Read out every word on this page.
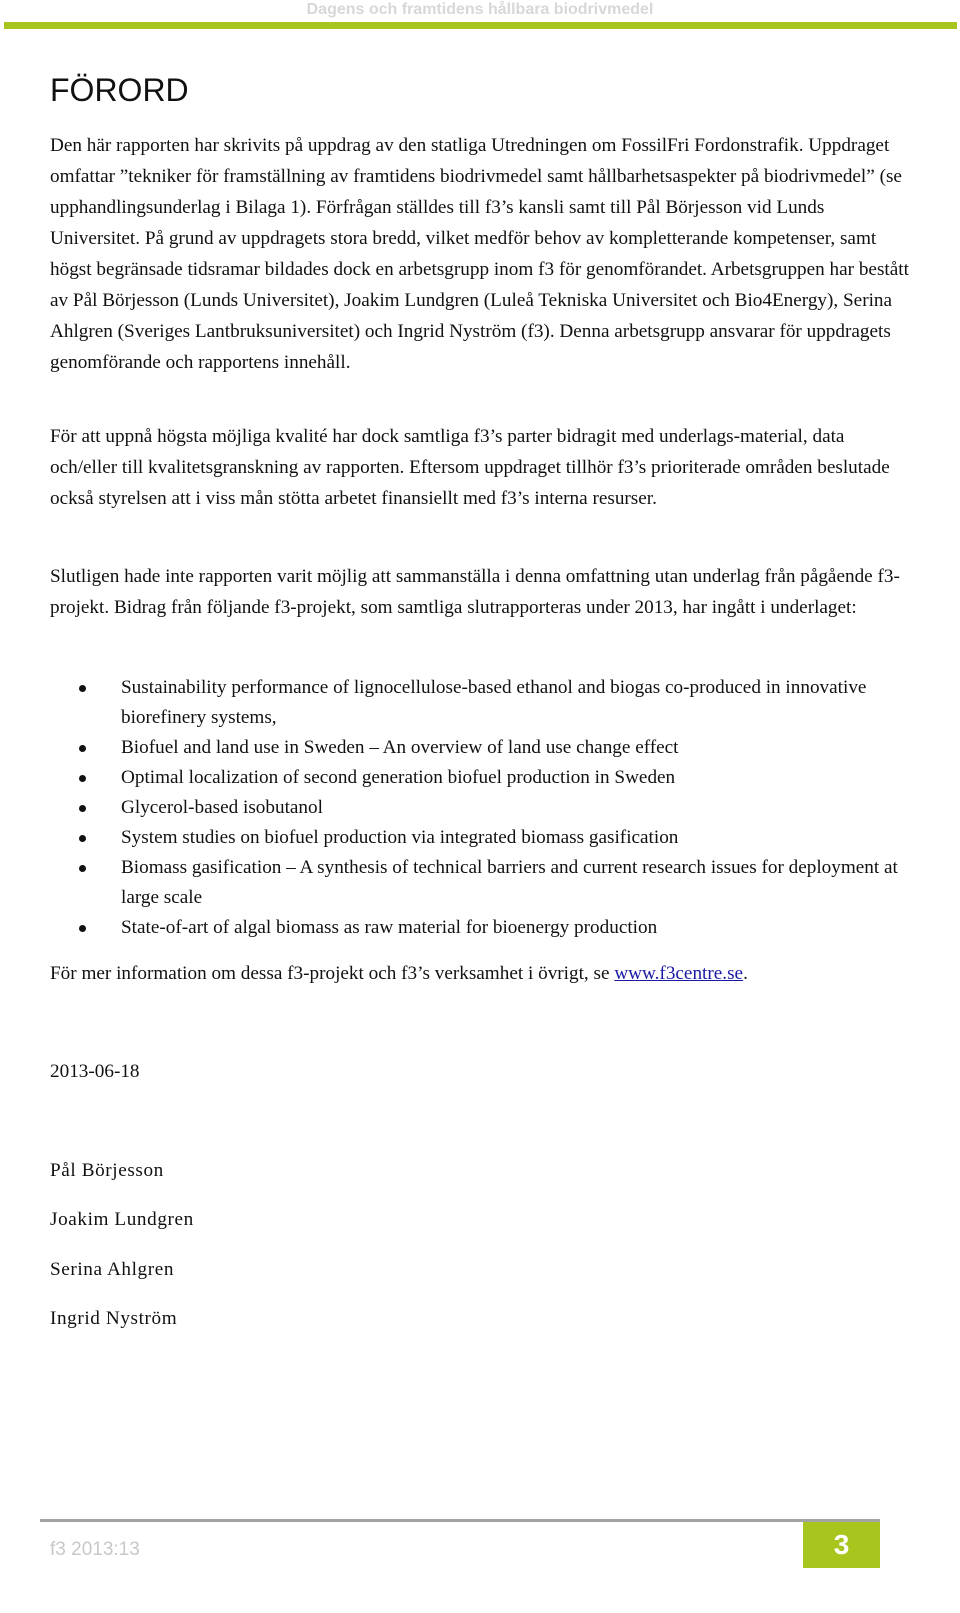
Dagens och framtidens hållbara biodrivmedel
FÖRORD

Den här rapporten har skrivits på uppdrag av den statliga Utredningen om FossilFri Fordonstrafik. Uppdraget omfattar ”tekniker för framställning av framtidens biodrivmedel samt hållbarhetsaspekter på biodrivmedel” (se upphandlingsunderlag i Bilaga 1). Förfrågan ställdes till f3’s kansli samt till Pål Börjesson vid Lunds Universitet. På grund av uppdragets stora bredd, vilket medför behov av kompletterande kompetenser, samt högst begränsade tidsramar bildades dock en arbetsgrupp inom f3 för genomförandet. Arbetsgruppen har bestått av Pål Börjesson (Lunds Universitet), Joakim Lundgren (Luleå Tekniska Universitet och Bio4Energy), Serina Ahlgren (Sveriges Lantbruksuniversitet) och Ingrid Nyström (f3). Denna arbetsgrupp ansvarar för uppdragets genomförande och rapportens innehåll.

För att uppnå högsta möjliga kvalité har dock samtliga f3’s parter bidragit med underlags-material, data och/eller till kvalitetsgranskning av rapporten. Eftersom uppdraget tillhör f3’s prioriterade områden beslutade också styrelsen att i viss mån stötta arbetet finansiellt med f3’s interna resurser.

Slutligen hade inte rapporten varit möjlig att sammanställa i denna omfattning utan underlag från pågående f3-projekt. Bidrag från följande f3-projekt, som samtliga slutrapporteras under 2013, har ingått i underlaget:

Sustainability performance of lignocellulose-based ethanol and biogas co-produced in innovative biorefinery systems,
Biofuel and land use in Sweden – An overview of land use change effect
Optimal localization of second generation biofuel production in Sweden
Glycerol-based isobutanol
System studies on biofuel production via integrated biomass gasification
Biomass gasification – A synthesis of technical barriers and current research issues for deployment at large scale
State-of-art of algal biomass as raw material for bioenergy production

För mer information om dessa f3-projekt och f3’s verksamhet i övrigt, se www.f3centre.se.

2013-06-18
Pål Börjesson
Joakim Lundgren
Serina Ahlgren
Ingrid Nyström
f3 2013:13	3
